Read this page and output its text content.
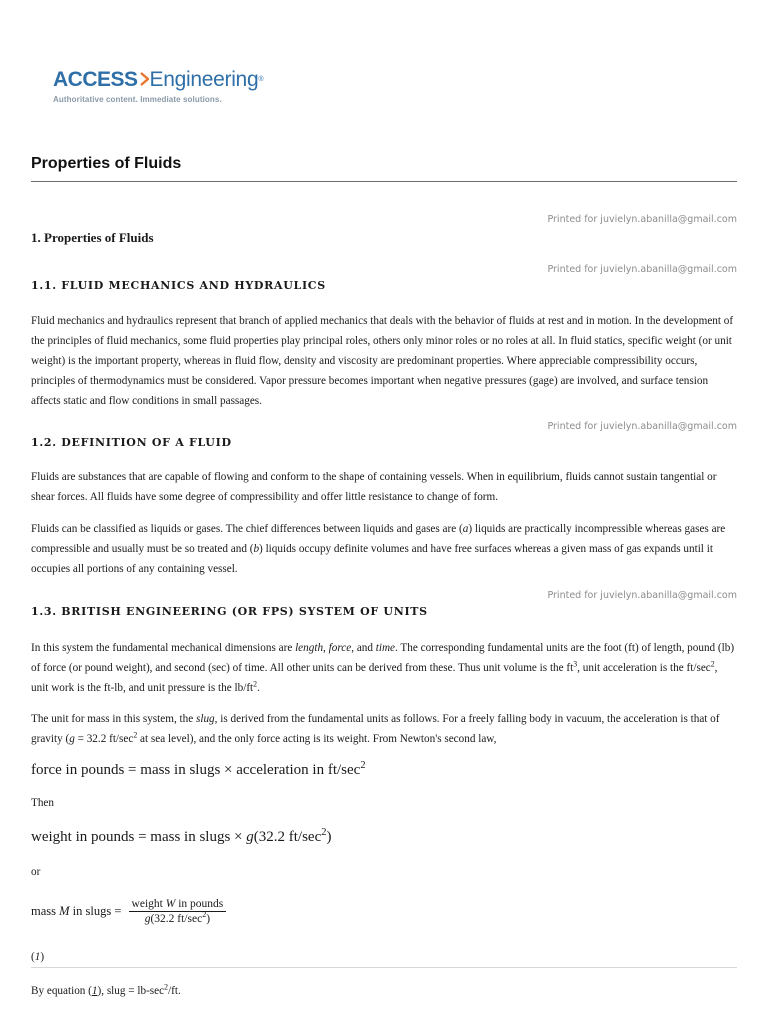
ACCESS Engineering®
Authoritative content. Immediate solutions.
Properties of Fluids
Printed for juvielyn.abanilla@gmail.com
1. Properties of Fluids
Printed for juvielyn.abanilla@gmail.com
1.1. FLUID MECHANICS AND HYDRAULICS

Fluid mechanics and hydraulics represent that branch of applied mechanics that deals with the behavior of fluids at rest and in motion. In the development of the principles of fluid mechanics, some fluid properties play principal roles, others only minor roles or no roles at all. In fluid statics, specific weight (or unit weight) is the important property, whereas in fluid flow, density and viscosity are predominant properties. Where appreciable compressibility occurs, principles of thermodynamics must be considered. Vapor pressure becomes important when negative pressures (gage) are involved, and surface tension affects static and flow conditions in small passages.

Printed for juvielyn.abanilla@gmail.com
1.2. DEFINITION OF A FLUID

Fluids are substances that are capable of flowing and conform to the shape of containing vessels. When in equilibrium, fluids cannot sustain tangential or shear forces. All fluids have some degree of compressibility and offer little resistance to change of form.

Fluids can be classified as liquids or gases. The chief differences between liquids and gases are (a) liquids are practically incompressible whereas gases are compressible and usually must be so treated and (b) liquids occupy definite volumes and have free surfaces whereas a given mass of gas expands until it occupies all portions of any containing vessel.

Printed for juvielyn.abanilla@gmail.com
1.3. BRITISH ENGINEERING (OR FPS) SYSTEM OF UNITS

In this system the fundamental mechanical dimensions are length, force, and time. The corresponding fundamental units are the foot (ft) of length, pound (lb) of force (or pound weight), and second (sec) of time. All other units can be derived from these. Thus unit volume is the $ft^3$, unit acceleration is the $ft/\sec^2$, unit work is the ft-lb, and unit pressure is the $lb/ft^2$.

The unit for mass in this system, the slug, is derived from the fundamental units as follows. For a freely falling body in vacuum, the acceleration is that of gravity (g = 32.2 $ft/\sec^2$ at sea level), and the only force acting is its weight. From Newton's second law,

force in pounds = mass in slugs × acceleration in $ft/\sec^2$
Then
weight in pounds = mass in slugs × g(32.2 $ft/\sec^2$)
or
mass M in slugs = $\frac{\text{weight W in pounds}}{g(32.2 ft/\sec^2)}$
(1)
By equation (1), slug = $lb-\sec^2/ft$.
